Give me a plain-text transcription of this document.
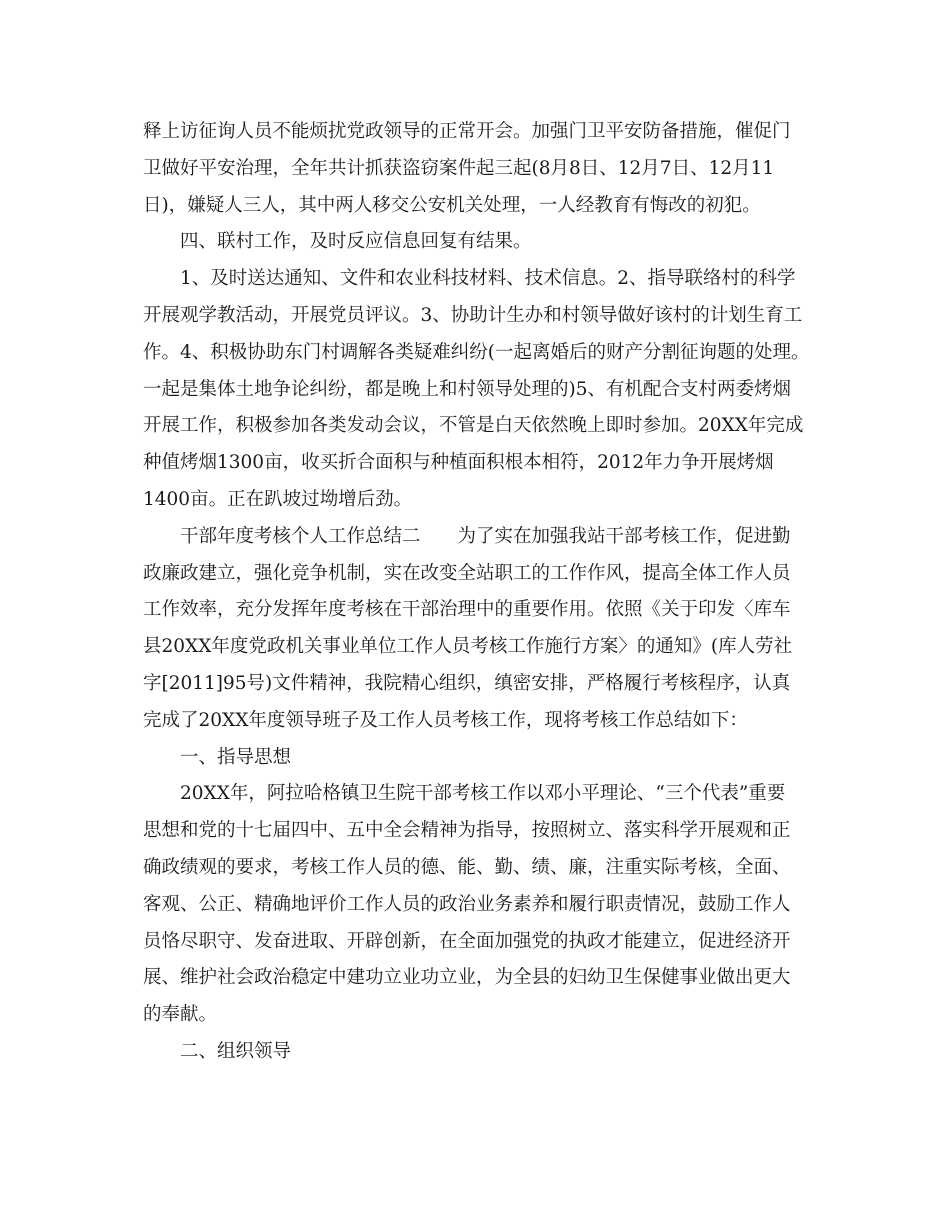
释上访征询人员不能烦扰党政领导的正常开会。加强门卫平安防备措施，催促门
卫做好平安治理，全年共计抓获盗窃案件起三起(8月8日、12月7日、12月11
日)，嫌疑人三人，其中两人移交公安机关处理，一人经教育有悔改的初犯。
四、联村工作，及时反应信息回复有结果。
1、及时送达通知、文件和农业科技材料、技术信息。2、指导联络村的科学
开展观学教活动，开展党员评议。3、协助计生办和村领导做好该村的计划生育工
作。4、积极协助东门村调解各类疑难纠纷(一起离婚后的财产分割征询题的处理。
一起是集体土地争论纠纷，都是晚上和村领导处理的)5、有机配合支村两委烤烟
开展工作，积极参加各类发动会议，不管是白天依然晚上即时参加。20XX年完成
种值烤烟1300亩，收买折合面积与种植面积根本相符，2012年力争开展烤烟
1400亩。正在趴坡过坳增后劲。
干部年度考核个人工作总结二　　为了实在加强我站干部考核工作，促进勤
政廉政建立，强化竞争机制，实在改变全站职工的工作作风，提高全体工作人员
工作效率，充分发挥年度考核在干部治理中的重要作用。依照《关于印发〈库车
县20XX年度党政机关事业单位工作人员考核工作施行方案〉的通知》(库人劳社
字[2011]95号)文件精神，我院精心组织，缜密安排，严格履行考核程序，认真
完成了20XX年度领导班子及工作人员考核工作，现将考核工作总结如下：
一、指导思想
20XX年，阿拉哈格镇卫生院干部考核工作以邓小平理论、“三个代表”重要
思想和党的十七届四中、五中全会精神为指导，按照树立、落实科学开展观和正
确政绩观的要求，考核工作人员的德、能、勤、绩、廉，注重实际考核，全面、
客观、公正、精确地评价工作人员的政治业务素养和履行职责情况，鼓励工作人
员恪尽职守、发奋进取、开辟创新，在全面加强党的执政才能建立，促进经济开
展、维护社会政治稳定中建功立业功立业，为全县的妇幼卫生保健事业做出更大
的奉献。
二、组织领导
